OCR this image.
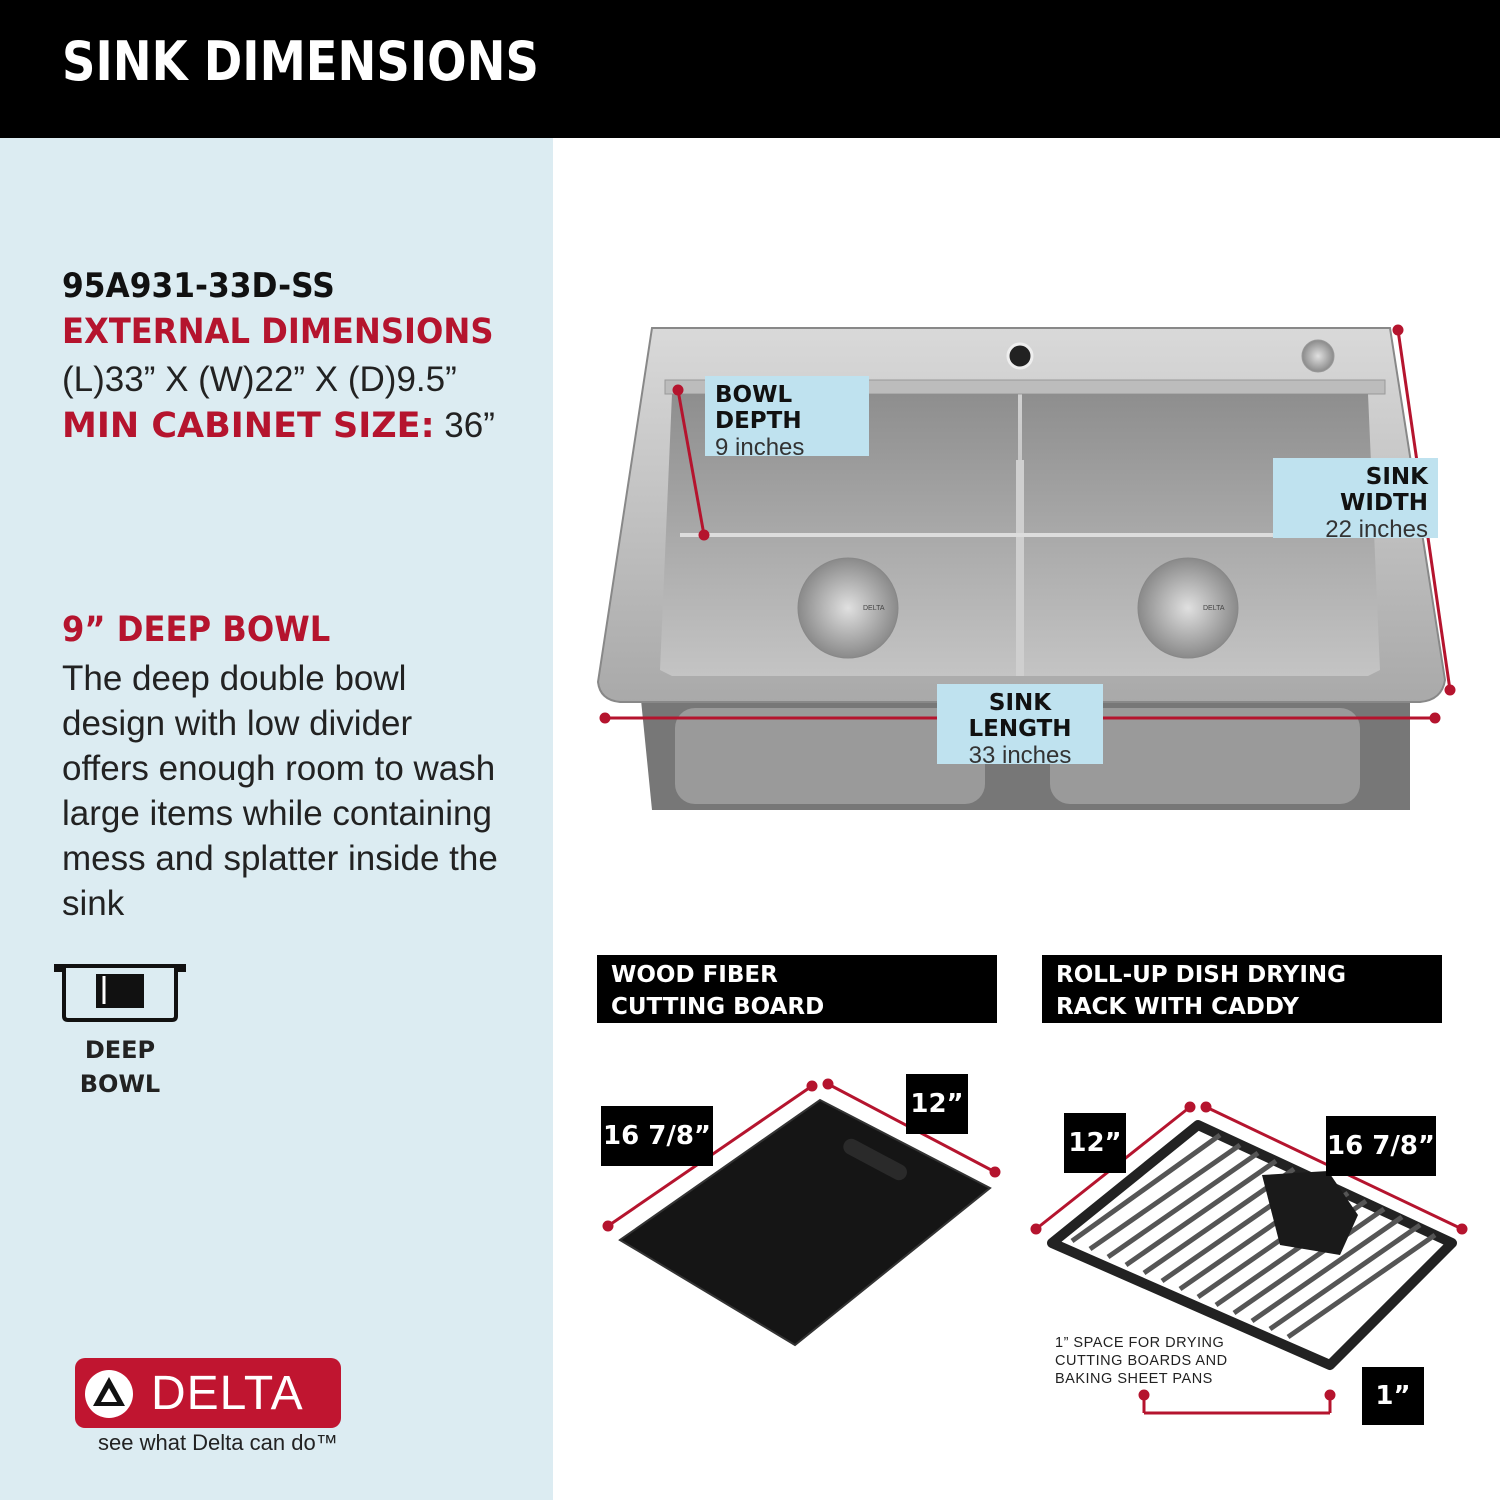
SINK DIMENSIONS
95A931-33D-SS
EXTERNAL DIMENSIONS
(L)33” X (W)22” X (D)9.5”
MIN CABINET SIZE: 36”
9” DEEP BOWL
The deep double bowl design with low divider offers enough room to wash large items while containing mess and splatter inside the sink
DEEP
BOWL
DELTA
see what Delta can do™
DELTA	DELTA
BOWL DEPTH
9 inches
SINK WIDTH
22 inches
SINK LENGTH
33 inches
WOOD FIBER
CUTTING BOARD
ROLL-UP DISH DRYING
RACK WITH CADDY
16 7/8”
12”
12”	16 7/8”
1”
1” SPACE FOR DRYING
CUTTING BOARDS AND
BAKING SHEET PANS
